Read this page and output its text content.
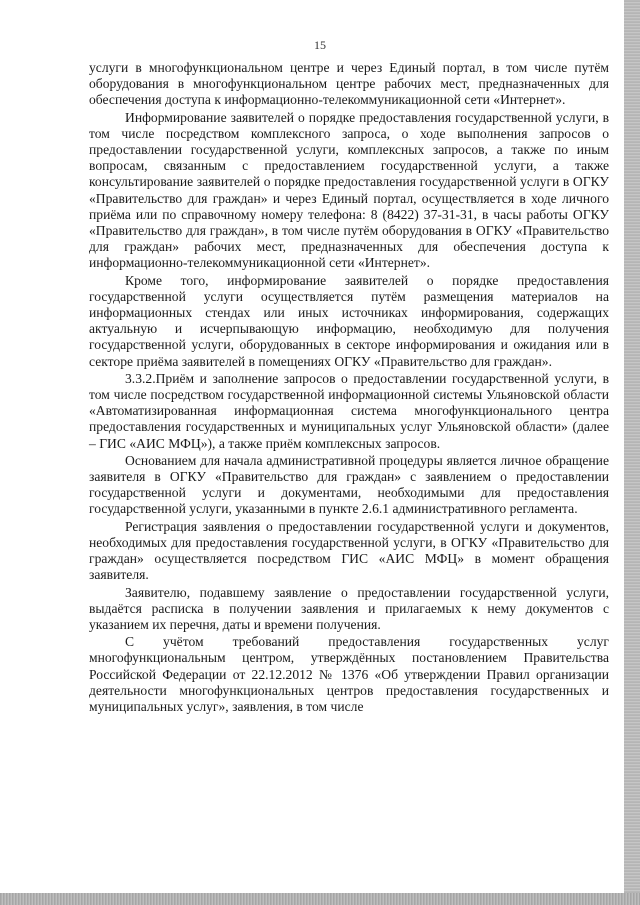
15

услуги в многофункциональном центре и через Единый портал, в том числе путём оборудования в многофункциональном центре рабочих мест, предназначенных для обеспечения доступа к информационно-телекоммуникационной сети «Интернет».

Информирование заявителей о порядке предоставления государственной услуги, в том числе посредством комплексного запроса, о ходе выполнения запросов о предоставлении государственной услуги, комплексных запросов, а также по иным вопросам, связанным с предоставлением государственной услуги, а также консультирование заявителей о порядке предоставления государственной услуги в ОГКУ «Правительство для граждан» и через Единый портал, осуществляется в ходе личного приёма или по справочному номеру телефона: 8 (8422) 37-31-31, в часы работы ОГКУ «Правительство для граждан», в том числе путём оборудования в ОГКУ «Правительство для граждан» рабочих мест, предназначенных для обеспечения доступа к информационно-телекоммуникационной сети «Интернет».

Кроме того, информирование заявителей о порядке предоставления государственной услуги осуществляется путём размещения материалов на информационных стендах или иных источниках информирования, содержащих актуальную и исчерпывающую информацию, необходимую для получения государственной услуги, оборудованных в секторе информирования и ожидания или в секторе приёма заявителей в помещениях ОГКУ «Правительство для граждан».

3.3.2.Приём и заполнение запросов о предоставлении государственной услуги, в том числе посредством государственной информационной системы Ульяновской области «Автоматизированная информационная система многофункционального центра предоставления государственных и муниципальных услуг Ульяновской области» (далее – ГИС «АИС МФЦ»), а также приём комплексных запросов.

Основанием для начала административной процедуры является личное обращение заявителя в ОГКУ «Правительство для граждан» с заявлением о предоставлении государственной услуги и документами, необходимыми для предоставления государственной услуги, указанными в пункте 2.6.1 административного регламента.

Регистрация заявления о предоставлении государственной услуги и документов, необходимых для предоставления государственной услуги, в ОГКУ «Правительство для граждан» осуществляется посредством ГИС «АИС МФЦ» в момент обращения заявителя.

Заявителю, подавшему заявление о предоставлении государственной услуги, выдаётся расписка в получении заявления и прилагаемых к нему документов с указанием их перечня, даты и времени получения.

С учётом требований предоставления государственных услуг многофункциональным центром, утверждённых постановлением Правительства Российской Федерации от 22.12.2012 № 1376 «Об утверждении Правил организации деятельности многофункциональных центров предоставления государственных и муниципальных услуг», заявления, в том числе
